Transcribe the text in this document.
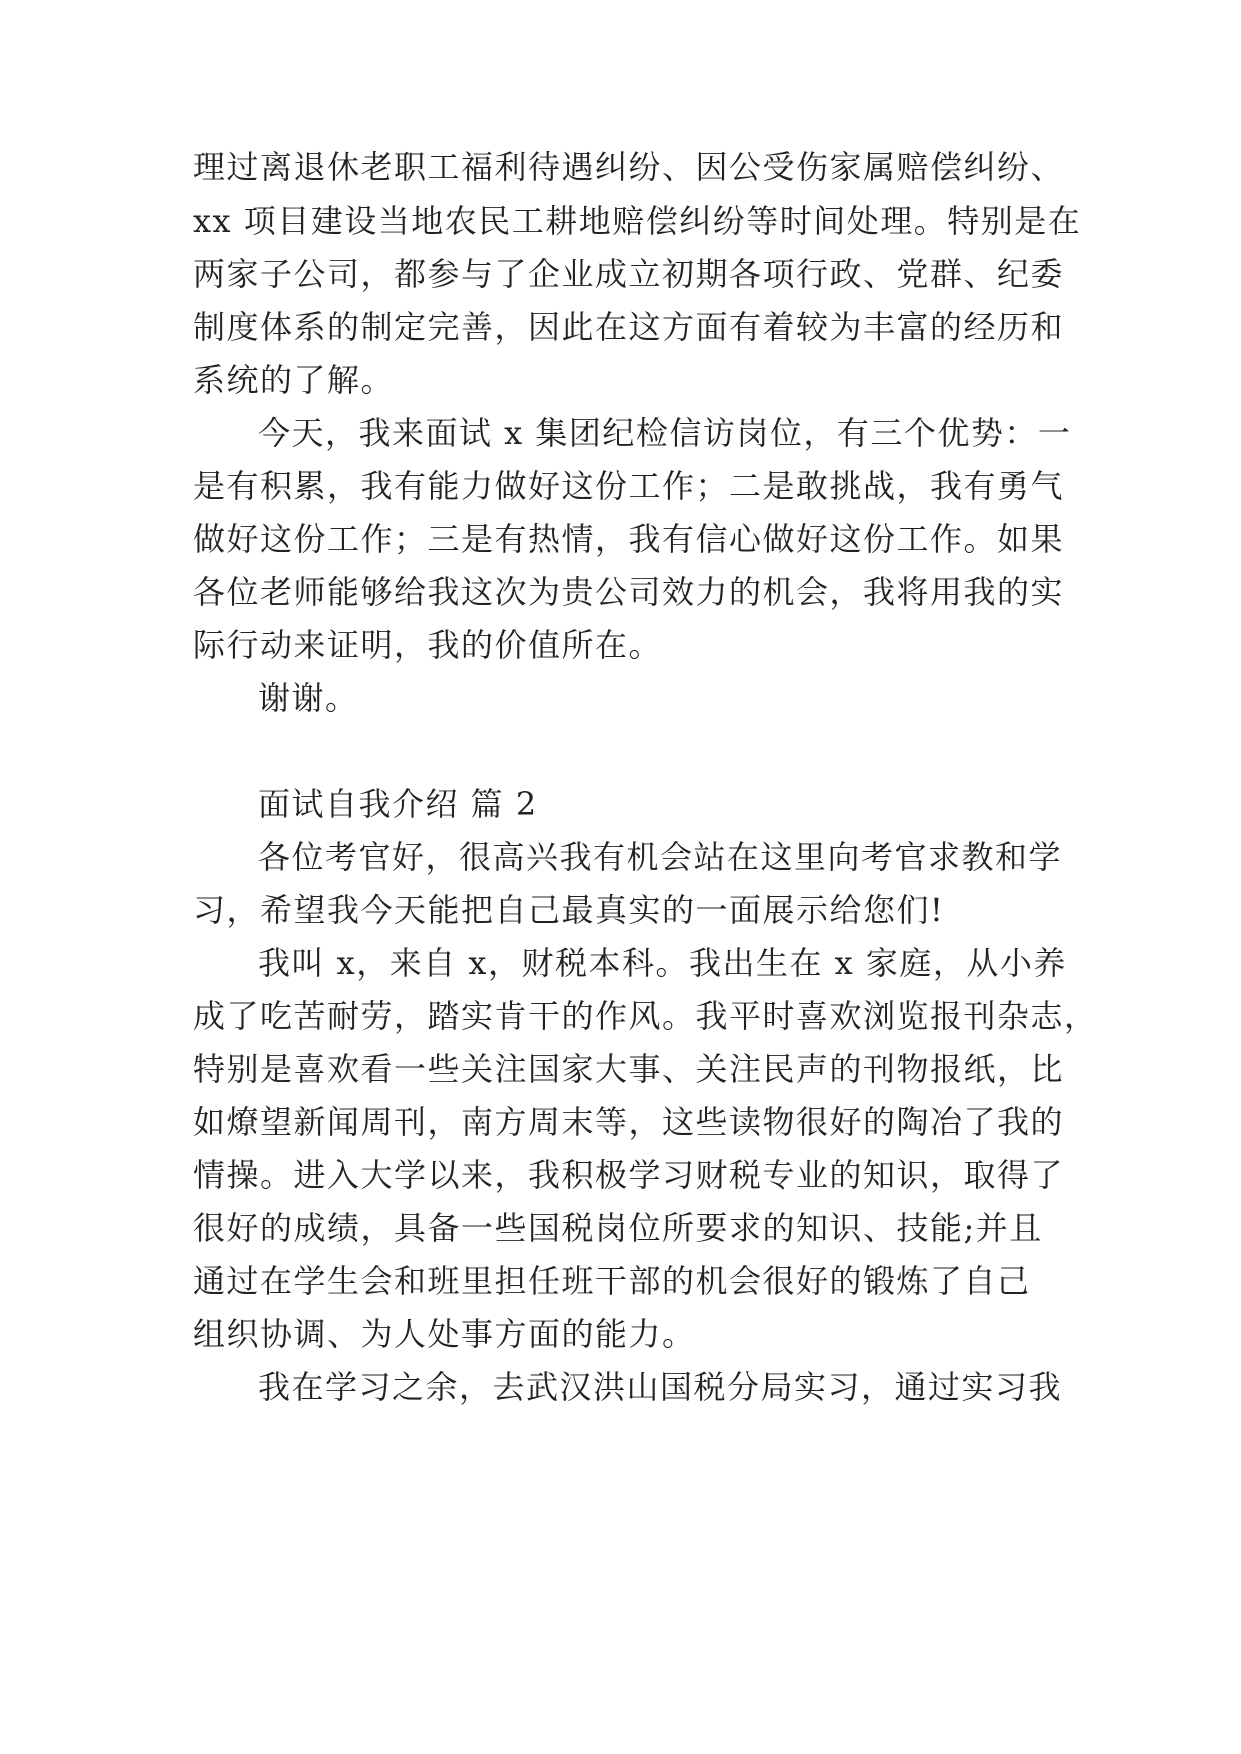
理过离退休老职工福利待遇纠纷、因公受伤家属赔偿纠纷、
xx 项目建设当地农民工耕地赔偿纠纷等时间处理。特别是在
两家子公司，都参与了企业成立初期各项行政、党群、纪委
制度体系的制定完善，因此在这方面有着较为丰富的经历和
系统的了解。
今天，我来面试 x 集团纪检信访岗位，有三个优势：一
是有积累，我有能力做好这份工作；二是敢挑战，我有勇气
做好这份工作；三是有热情，我有信心做好这份工作。如果
各位老师能够给我这次为贵公司效力的机会，我将用我的实
际行动来证明，我的价值所在。
谢谢。
面试自我介绍 篇 2
各位考官好，很高兴我有机会站在这里向考官求教和学
习，希望我今天能把自己最真实的一面展示给您们!
我叫 x，来自 x，财税本科。我出生在 x 家庭，从小养
成了吃苦耐劳，踏实肯干的作风。我平时喜欢浏览报刊杂志，
特别是喜欢看一些关注国家大事、关注民声的刊物报纸，比
如燎望新闻周刊，南方周末等，这些读物很好的陶冶了我的
情操。进入大学以来，我积极学习财税专业的知识，取得了
很好的成绩，具备一些国税岗位所要求的知识、技能;并且
通过在学生会和班里担任班干部的机会很好的锻炼了自己
组织协调、为人处事方面的能力。
我在学习之余，去武汉洪山国税分局实习，通过实习我
